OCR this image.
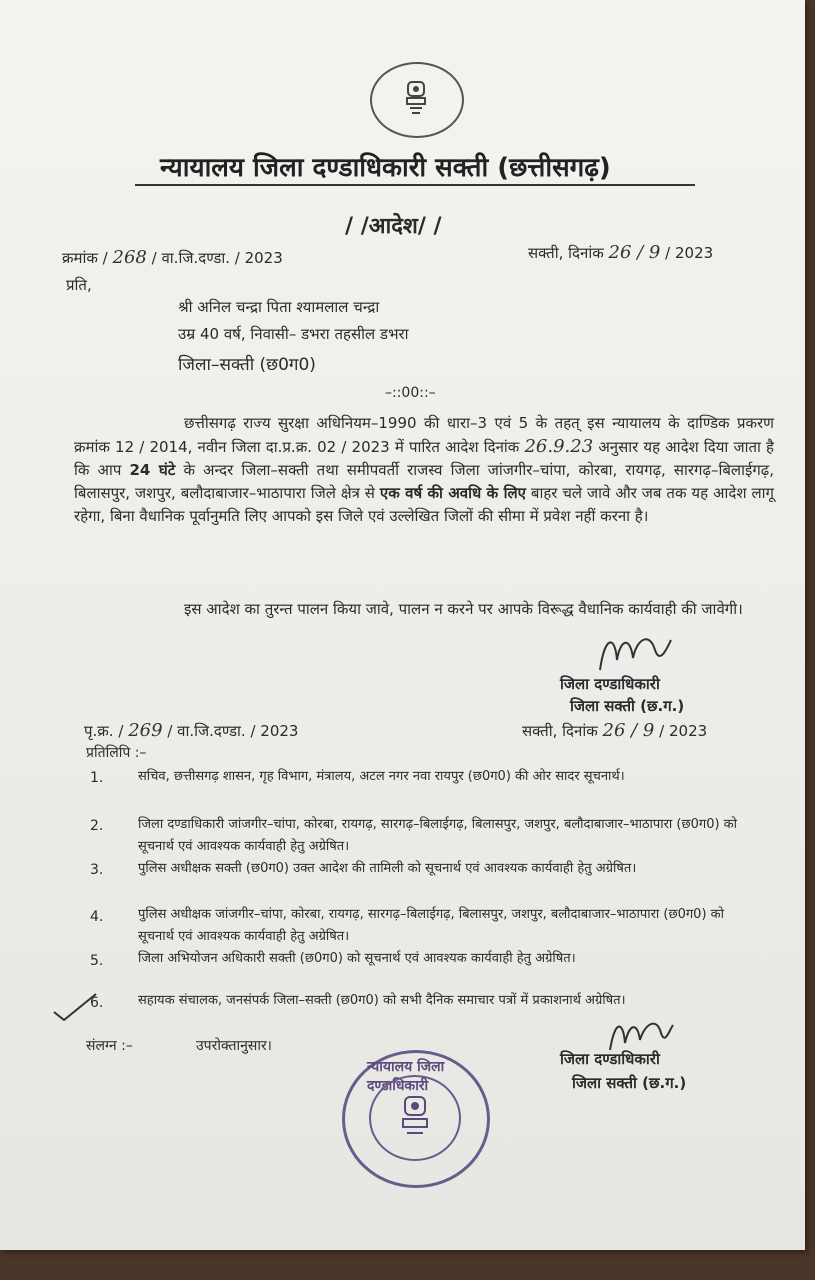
न्यायालय जिला दण्डाधिकारी सक्ती (छत्तीसगढ़)
/ /आदेश/ /
क्रमांक / 268 / वा.जि.दण्डा. / 2023	सक्ती, दिनांक 26 / 9 / 2023
प्रति,
श्री अनिल चन्द्रा पिता श्यामलाल चन्द्रा
उम्र 40 वर्ष, निवासी– डभरा तहसील डभरा
जिला–सक्ती (छ0ग0)
–::00::–
छत्तीसगढ़ राज्य सुरक्षा अधिनियम–1990 की धारा–3 एवं 5 के तहत् इस न्यायालय के दाण्डिक प्रकरण क्रमांक 12 / 2014, नवीन जिला दा.प्र.क्र. 02 / 2023 में पारित आदेश दिनांक 26.9.23 अनुसार यह आदेश दिया जाता है कि आप 24 घंटे के अन्दर जिला–सक्ती तथा समीपवर्ती राजस्व जिला जांजगीर–चांपा, कोरबा, रायगढ़, सारगढ़–बिलाईगढ़, बिलासपुर, जशपुर, बलौदाबाजार–भाठापारा जिले क्षेत्र से एक वर्ष की अवधि के लिए बाहर चले जावे और जब तक यह आदेश लागू रहेगा, बिना वैधानिक पूर्वानुमति लिए आपको इस जिले एवं उल्लेखित जिलों की सीमा में प्रवेश नहीं करना है।
इस आदेश का तुरन्त पालन किया जावे, पालन न करने पर आपके विरूद्ध वैधानिक कार्यवाही की जावेगी।
जिला दण्डाधिकारी
जिला सक्ती (छ.ग.)
पृ.क्र. / 269 / वा.जि.दण्डा. / 2023	सक्ती, दिनांक 26 / 9 / 2023
प्रतिलिपि :–
1.	सचिव, छत्तीसगढ़ शासन, गृह विभाग, मंत्रालय, अटल नगर नवा रायपुर (छ0ग0) की ओर सादर सूचनार्थ।
2.	जिला दण्डाधिकारी जांजगीर–चांपा, कोरबा, रायगढ़, सारगढ़–बिलाईगढ़, बिलासपुर, जशपुर, बलौदाबाजार–भाठापारा (छ0ग0) को सूचनार्थ एवं आवश्यक कार्यवाही हेतु अग्रेषित।
3.	पुलिस अधीक्षक सक्ती (छ0ग0) उक्त आदेश की तामिली को सूचनार्थ एवं आवश्यक कार्यवाही हेतु अग्रेषित।
4.	पुलिस अधीक्षक जांजगीर–चांपा, कोरबा, रायगढ़, सारगढ़–बिलाईगढ़, बिलासपुर, जशपुर, बलौदाबाजार–भाठापारा (छ0ग0) को सूचनार्थ एवं आवश्यक कार्यवाही हेतु अग्रेषित।
5.	जिला अभियोजन अधिकारी सक्ती (छ0ग0) को सूचनार्थ एवं आवश्यक कार्यवाही हेतु अग्रेषित।
6.	सहायक संचालक, जनसंपर्क जिला–सक्ती (छ0ग0) को सभी दैनिक समाचार पत्रों में प्रकाशनार्थ अग्रेषित।
संलग्न :–	उपरोक्तानुसार।
जिला दण्डाधिकारी
जिला सक्ती (छ.ग.)
न्यायालय जिला दण्डाधिकारी
